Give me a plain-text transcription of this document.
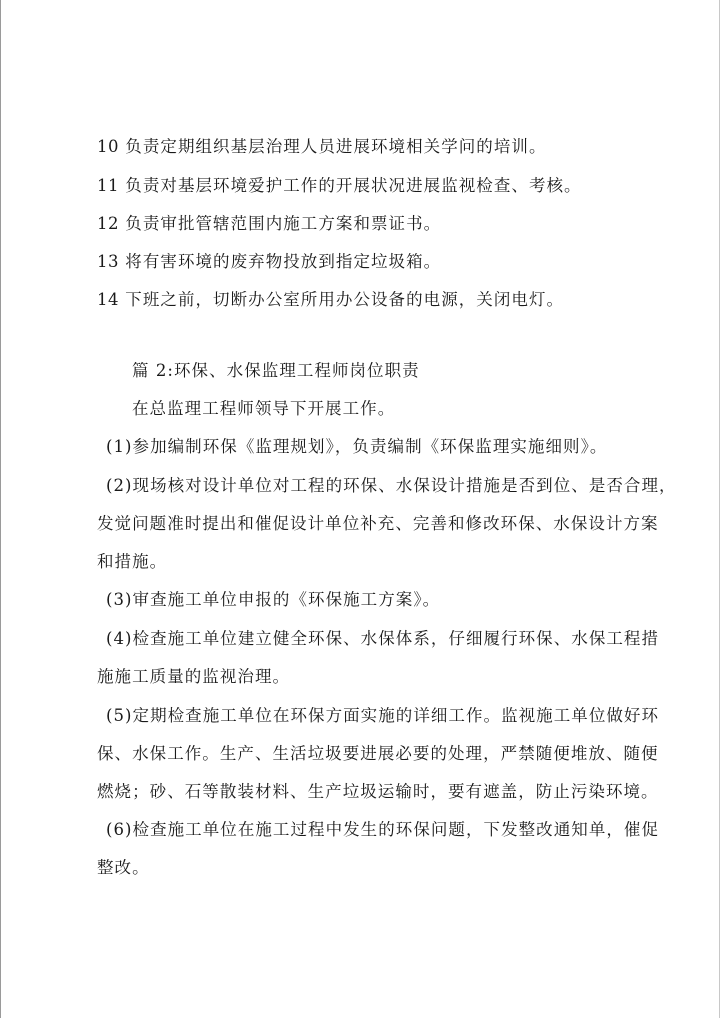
10 负责定期组织基层治理人员进展环境相关学问的培训。
11 负责对基层环境爱护工作的开展状况进展监视检查、考核。
12 负责审批管辖范围内施工方案和票证书。
13 将有害环境的废弃物投放到指定垃圾箱。
14 下班之前，切断办公室所用办公设备的电源，关闭电灯。
篇 2:环保、水保监理工程师岗位职责
在总监理工程师领导下开展工作。
(1)参加编制环保《监理规划》，负责编制《环保监理实施细则》。
(2)现场核对设计单位对工程的环保、水保设计措施是否到位、是否合理，
发觉问题准时提出和催促设计单位补充、完善和修改环保、水保设计方案
和措施。
(3)审查施工单位申报的《环保施工方案》。
(4)检查施工单位建立健全环保、水保体系，仔细履行环保、水保工程措
施施工质量的监视治理。
(5)定期检查施工单位在环保方面实施的详细工作。监视施工单位做好环
保、水保工作。生产、生活垃圾要进展必要的处理，严禁随便堆放、随便
燃烧；砂、石等散装材料、生产垃圾运输时，要有遮盖，防止污染环境。
(6)检查施工单位在施工过程中发生的环保问题，下发整改通知单，催促
整改。
